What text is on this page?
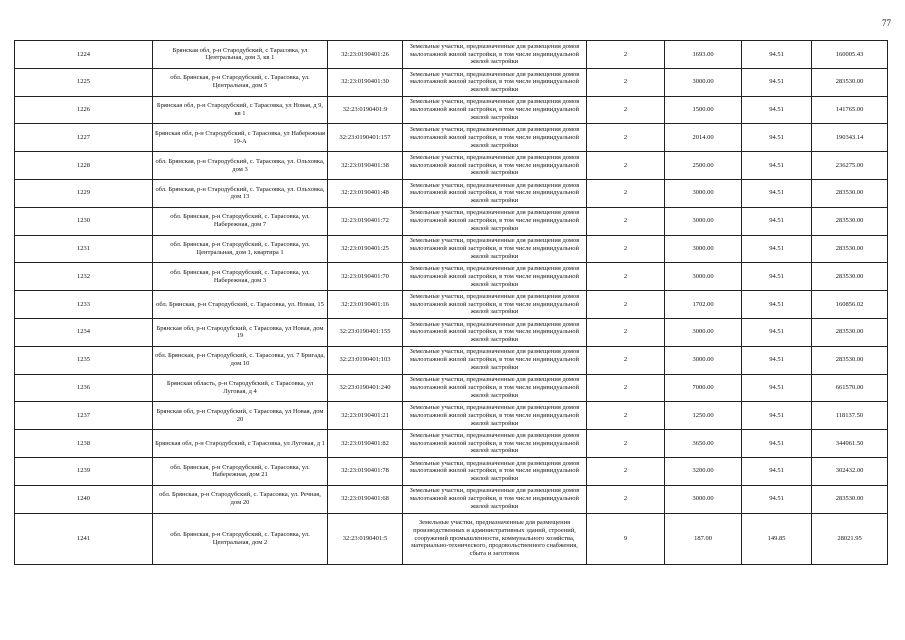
77
1224	Брянская обл, р-н Стародубский, с Тарасовка, ул Центральная, дом 3, кв 1	32:23:0190401:26	Земельные участки, предназначенные для размещения домов малоэтажной жилой застройки, в том числе индивидуальной жилой застройки	2	1693.00	94.51	160005.43
1225	обл. Брянская, р-н Стародубский, с. Тарасовка, ул. Центральная, дом 5	32:23:0190401:30	Земельные участки, предназначенные для размещения домов малоэтажной жилой застройки, в том числе индивидуальной жилой застройки	2	3000.00	94.51	283530.00
1226	Брянская обл, р-н Стародубский, с Тарасовка, ул Новая, д 9, кв 1	32:23:0190401:9	Земельные участки, предназначенные для размещения домов малоэтажной жилой застройки, в том числе индивидуальной жилой застройки	2	1500.00	94.51	141765.00
1227	Брянская обл, р-н Стародубский, с Тарасовка, ул Набережная 19-А	32:23:0190401:157	Земельные участки, предназначенные для размещения домов малоэтажной жилой застройки, в том числе индивидуальной жилой застройки	2	2014.00	94.51	190343.14
1228	обл. Брянская, р-н Стародубский, с. Тарасовка, ул. Ольховка, дом 3	32:23:0190401:38	Земельные участки, предназначенные для размещения домов малоэтажной жилой застройки, в том числе индивидуальной жилой застройки	2	2500.00	94.51	236275.00
1229	обл. Брянская, р-н Стародубский, с. Тарасовка, ул. Ольховка, дом 13	32:23:0190401:48	Земельные участки, предназначенные для размещения домов малоэтажной жилой застройки, в том числе индивидуальной жилой застройки	2	3000.00	94.51	283530.00
1230	обл. Брянская, р-н Стародубский, с. Тарасовка, ул. Набережная, дом 7	32:23:0190401:72	Земельные участки, предназначенные для размещения домов малоэтажной жилой застройки, в том числе индивидуальной жилой застройки	2	3000.00	94.51	283530.00
1231	обл. Брянская, р-н Стародубский, с. Тарасовка, ул. Центральная, дом 1, квартира 1	32:23:0190401:25	Земельные участки, предназначенные для размещения домов малоэтажной жилой застройки, в том числе индивидуальной жилой застройки	2	3000.00	94.51	283530.00
1232	обл. Брянская, р-н Стародубский, с. Тарасовка, ул. Набережная, дом 3	32:23:0190401:70	Земельные участки, предназначенные для размещения домов малоэтажной жилой застройки, в том числе индивидуальной жилой застройки	2	3000.00	94.51	283530.00
1233	обл. Брянская, р-н Стародубский, с. Тарасовка, ул. Новая, 15	32:23:0190401:16	Земельные участки, предназначенные для размещения домов малоэтажной жилой застройки, в том числе индивидуальной жилой застройки	2	1702.00	94.51	160856.02
1234	Брянская обл, р-н Стародубский, с Тарасовка, ул Новая, дом 19	32:23:0190401:155	Земельные участки, предназначенные для размещения домов малоэтажной жилой застройки, в том числе индивидуальной жилой застройки	2	3000.00	94.51	283530.00
1235	обл. Брянская, р-н Стародубский, с. Тарасовка, ул. 7 Бригада, дом 10	32:23:0190401:103	Земельные участки, предназначенные для размещения домов малоэтажной жилой застройки, в том числе индивидуальной жилой застройки	2	3000.00	94.51	283530.00
1236	Брянская область, р-н Стародубский, с Тарасовка, ул Луговая, д 4	32:23:0190401:240	Земельные участки, предназначенные для размещения домов малоэтажной жилой застройки, в том числе индивидуальной жилой застройки	2	7000.00	94.51	661570.00
1237	Брянская обл, р-н Стародубский, с Тарасовка, ул Новая, дом 20	32:23:0190401:21	Земельные участки, предназначенные для размещения домов малоэтажной жилой застройки, в том числе индивидуальной жилой застройки	2	1250.00	94.51	118137.50
1238	Брянская обл, р-н Стародубский, с Тарасовка, ул Луговая, д 1	32:23:0190401:82	Земельные участки, предназначенные для размещения домов малоэтажной жилой застройки, в том числе индивидуальной жилой застройки	2	3650.00	94.51	344961.50
1239	обл. Брянская, р-н Стародубский, с. Тарасовка, ул. Набережная, дом 21	32:23:0190401:78	Земельные участки, предназначенные для размещения домов малоэтажной жилой застройки, в том числе индивидуальной жилой застройки	2	3200.00	94.51	302432.00
1240	обл. Брянская, р-н Стародубский, с. Тарасовка, ул. Речная, дом 20	32:23:0190401:68	Земельные участки, предназначенные для размещения домов малоэтажной жилой застройки, в том числе индивидуальной жилой застройки	2	3000.00	94.51	283530.00
1241	обл. Брянская, р-н Стародубский, с. Тарасовка, ул. Центральная, дом 2	32:23:0190401:5	Земельные участки, предназначенные для размещения производственных и административных зданий, строений, сооружений промышленности, коммунального хозяйства, материально-технического, продовольственного снабжения, сбыта и заготовок	9	187.00	149.85	28021.95
